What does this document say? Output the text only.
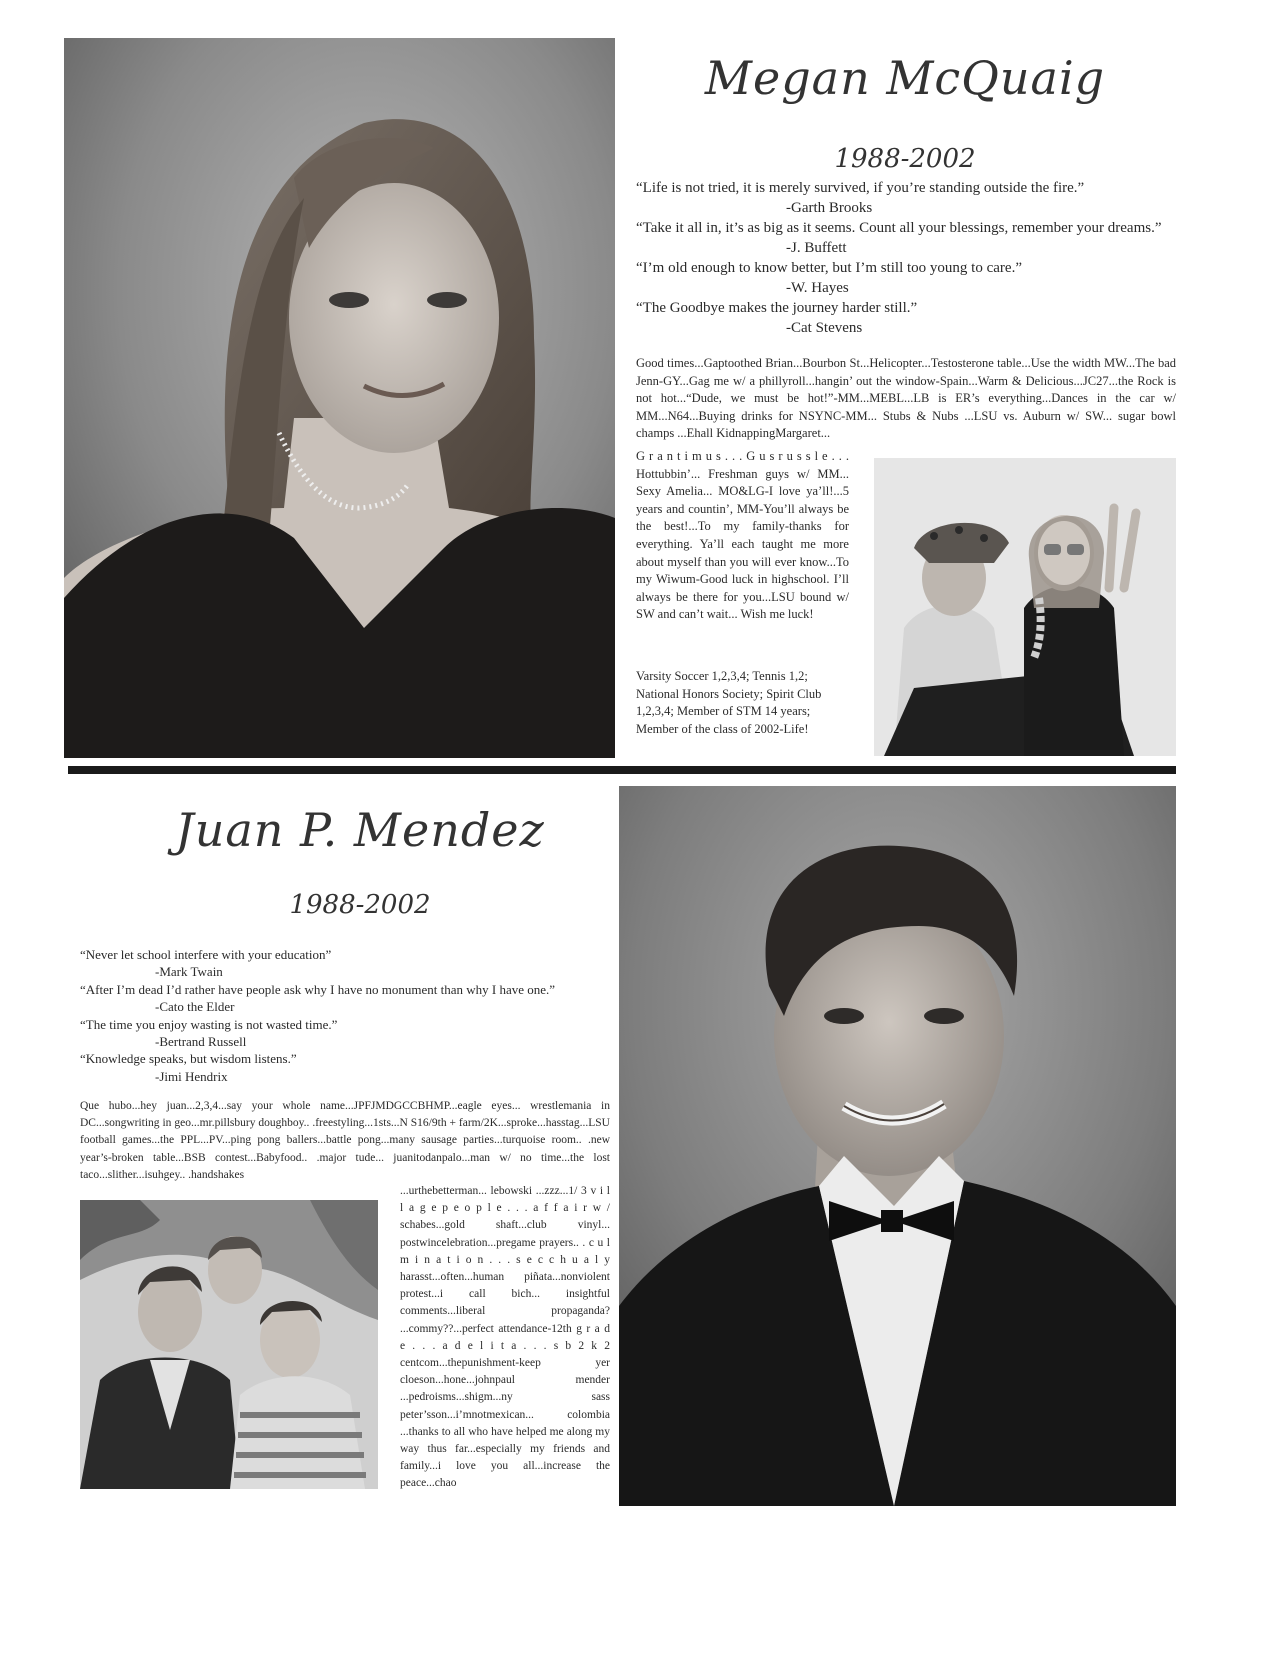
Megan McQuaig
1988-2002

“Life is not tried, it is merely survived, if you’re standing outside the fire.”

-Garth Brooks

“Take it all in, it’s as big as it seems. Count all your blessings, remember your dreams.”

-J. Buffett

“I’m old enough to know better, but I’m still too young to care.”

-W. Hayes

“The Goodbye makes the journey harder still.”

-Cat Stevens

Good times...Gaptoothed Brian...Bourbon St...Helicopter...Testosterone table...Use the width MW...The bad Jenn-GY...Gag me w/ a phillyroll...hangin’ out the window-Spain...Warm & Delicious...JC27...the Rock is not hot...“Dude, we must be hot!”-MM...MEBL...LB is ER’s everything...Dances in the car w/ MM...N64...Buying drinks for NSYNC-MM... Stubs & Nubs ...LSU vs. Auburn w/ SW... sugar bowl champs ...Ehall KidnappingMargaret...

G r a n t i m u s . . . G u s r u s s l e . . . Hottubbin’... Freshman guys w/ MM... Sexy Amelia... MO&LG-I love ya’ll!...5 years and countin’, MM-You’ll always be the best!...To my family-thanks for everything. Ya’ll each taught me more about myself than you will ever know...To my Wiwum-Good luck in highschool. I’ll always be there for you...LSU bound w/ SW and can’t wait... Wish me luck!

Varsity Soccer 1,2,3,4; Tennis 1,2; National Honors Society; Spirit Club 1,2,3,4; Member of STM 14 years; Member of the class of 2002-Life!

Juan P. Mendez
1988-2002

“Never let school interfere with your education”

-Mark Twain

“After I’m dead I’d rather have people ask why I have no monument than why I have one.”

-Cato the Elder

“The time you enjoy wasting is not wasted time.”

-Bertrand Russell

“Knowledge speaks, but wisdom listens.”

-Jimi Hendrix

Que hubo...hey juan...2,3,4...say your whole name...JPFJMDGCCBHMP...eagle eyes... wrestlemania in DC...songwriting in geo...mr.pillsbury doughboy.. .freestyling...1sts...N S16/9th + farm/2K...sproke...hasstag...LSU football games...the PPL...PV...ping pong ballers...battle pong...many sausage parties...turquoise room.. .new year’s-broken table...BSB contest...Babyfood.. .major tude... juanitodanpalo...man w/ no time...the lost taco...slither...isuhgey.. .handshakes

...urthebetterman... lebowski ...zzz...1/ 3 v i l l a g e p e o p l e . . . a f f a i r w / schabes...gold shaft...club vinyl... postwincelebration...pregame prayers.. . c u l m i n a t i o n . . . s e c c h u a l y harasst...often...human piñata...nonviolent protest...i call bich... insightful comments...liberal propaganda? ...commy??...perfect attendance-12th g r a d e . . . a d e l i t a . . . s b 2 k 2 centcom...thepunishment-keep yer cloeson...hone...johnpaul mender ...pedroisms...shigm...ny sass peter’sson...i’mnotmexican... colombia ...thanks to all who have helped me along my way thus far...especially my friends and family...i love you all...increase the peace...chao
